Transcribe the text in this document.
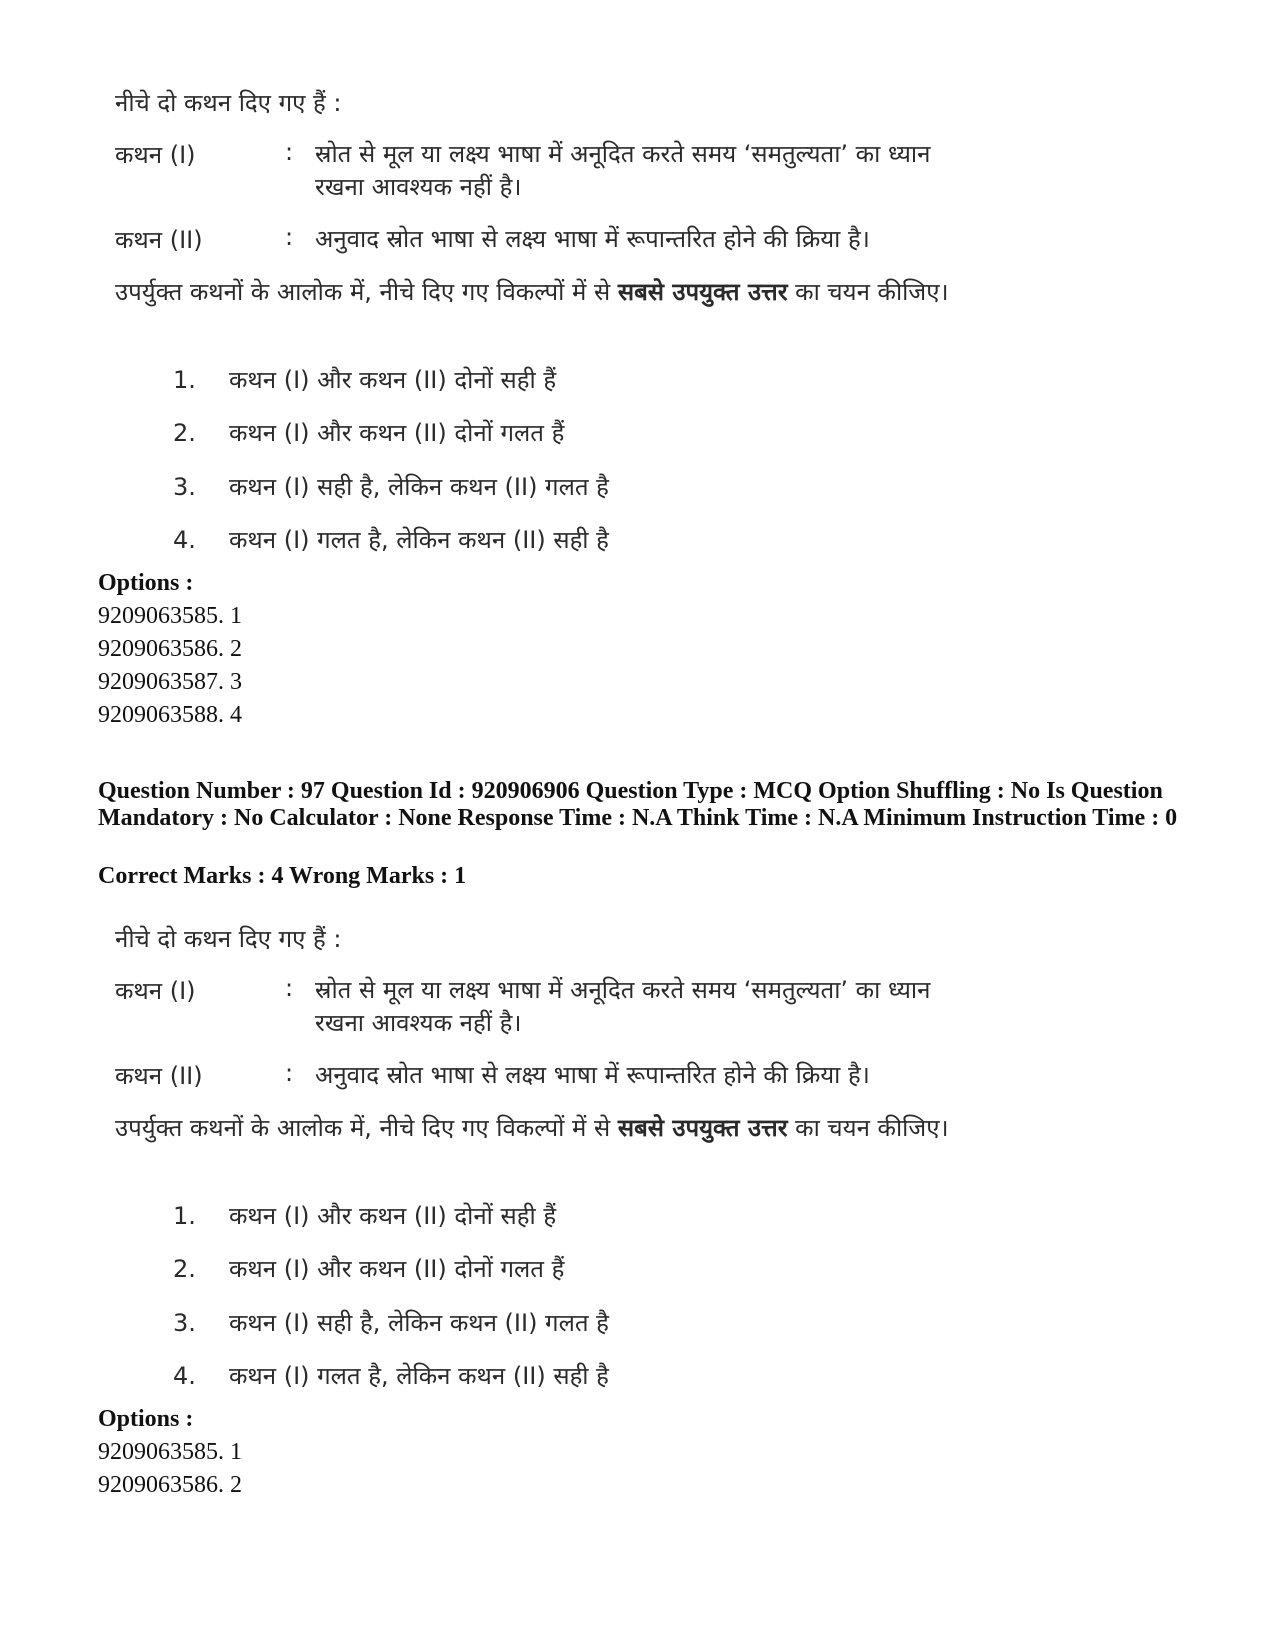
नीचे दो कथन दिए गए हैं :
कथन (I)	: स्रोत से मूल या लक्ष्य भाषा में अनूदित करते समय ‘समतुल्यता’ का ध्यान रखना आवश्यक नहीं है।
कथन (II)	: अनुवाद स्रोत भाषा से लक्ष्य भाषा में रूपान्तरित होने की क्रिया है।
उपर्युक्त कथनों के आलोक में, नीचे दिए गए विकल्पों में से सबसे उपयुक्त उत्तर का चयन कीजिए।
1. कथन (I) और कथन (II) दोनों सही हैं
2. कथन (I) और कथन (II) दोनों गलत हैं
3. कथन (I) सही है, लेकिन कथन (II) गलत है
4. कथन (I) गलत है, लेकिन कथन (II) सही है
Options :
9209063585. 1
9209063586. 2
9209063587. 3
9209063588. 4
Question Number : 97 Question Id : 920906906 Question Type : MCQ Option Shuffling : No Is Question Mandatory : No Calculator : None Response Time : N.A Think Time : N.A Minimum Instruction Time : 0
Correct Marks : 4 Wrong Marks : 1
नीचे दो कथन दिए गए हैं :
कथन (I)	: स्रोत से मूल या लक्ष्य भाषा में अनूदित करते समय ‘समतुल्यता’ का ध्यान रखना आवश्यक नहीं है।
कथन (II)	: अनुवाद स्रोत भाषा से लक्ष्य भाषा में रूपान्तरित होने की क्रिया है।
उपर्युक्त कथनों के आलोक में, नीचे दिए गए विकल्पों में से सबसे उपयुक्त उत्तर का चयन कीजिए।
1. कथन (I) और कथन (II) दोनों सही हैं
2. कथन (I) और कथन (II) दोनों गलत हैं
3. कथन (I) सही है, लेकिन कथन (II) गलत है
4. कथन (I) गलत है, लेकिन कथन (II) सही है
Options :
9209063585. 1
9209063586. 2
